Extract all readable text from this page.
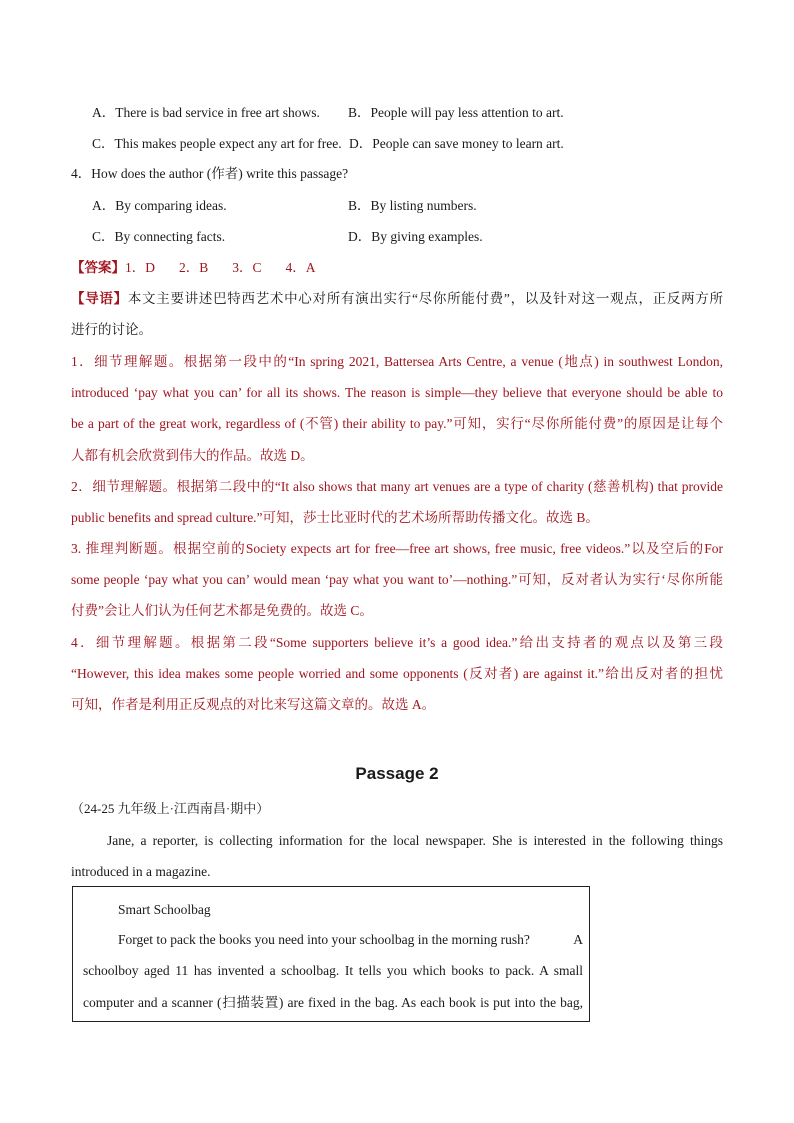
A．There is bad service in free art shows. B．People will pay less attention to art.
C．This makes people expect any art for free. D．People can save money to learn art.
4．How does the author (作者) write this passage?
A．By comparing ideas.	B．By listing numbers.
C．By connecting facts.	D．By giving examples.
【答案】1．D 2．B 3．C 4．A
【导语】本文主要讲述巴特西艺术中心对所有演出实行“尽你所能付费”，以及针对这一观点，正反两方所
进行的讨论。
1．细节理解题。根据第一段中的“In spring 2021, Battersea Arts Centre, a venue (地点) in southwest London,
introduced ‘pay what you can’ for all its shows. The reason is simple—they believe that everyone should be able to
be a part of the great work, regardless of (不管) their ability to pay.”可知，实行“尽你所能付费”的原因是让每个
人都有机会欣赏到伟大的作品。故选 D。
2．细节理解题。根据第二段中的“It also shows that many art venues are a type of charity (慈善机构) that provide
public benefits and spread culture.”可知，莎士比亚时代的艺术场所帮助传播文化。故选 B。
3. 推理判断题。根据空前的Society expects art for free—free art shows, free music, free videos.”以及空后的For
some people ‘pay what you can’ would mean ‘pay what you want to’—nothing.”可知，反对者认为实行‘尽你所能
付费”会让人们认为任何艺术都是免费的。故选 C。
4．细节理解题。根据第二段“Some supporters believe it’s a good idea.”给出支持者的观点以及第三段
“However, this idea makes some people worried and some opponents (反对者) are against it.”给出反对者的担忧
可知，作者是利用正反观点的对比来写这篇文章的。故选 A。
Passage 2
（24-25 九年级上·江西南昌·期中）
Jane, a reporter, is collecting information for the local newspaper. She is interested in the following things
introduced in a magazine.
Smart Schoolbag
Forget to pack the books you need into your schoolbag in the morning rush?	A
schoolboy aged 11 has invented a schoolbag. It tells you which books to pack. A small
computer and a scanner (扫描装置) are fixed in the bag. As each book is put into the bag,
